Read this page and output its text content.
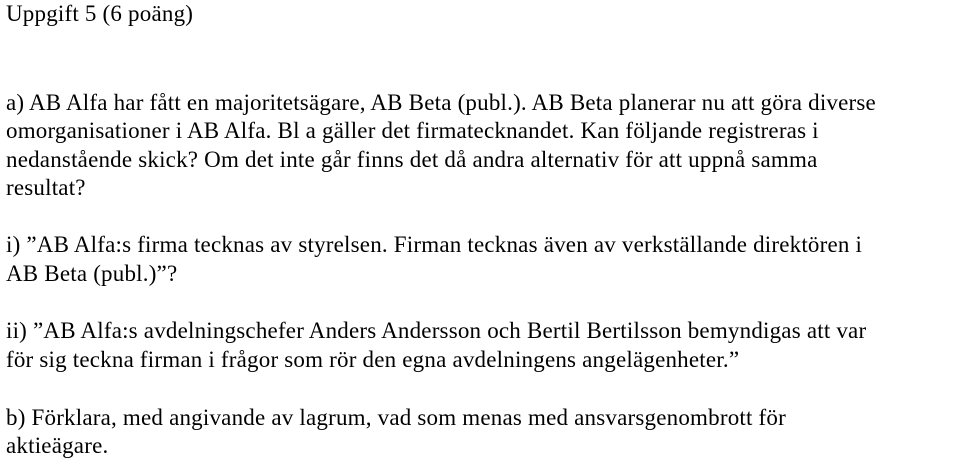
Uppgift 5 (6 poäng)
a) AB Alfa har fått en majoritetsägare, AB Beta (publ.). AB Beta planerar nu att göra diverse
omorganisationer i AB Alfa. Bl a gäller det firmatecknandet. Kan följande registreras i
nedanstående skick? Om det inte går finns det då andra alternativ för att uppnå samma
resultat?
i) ”AB Alfa:s firma tecknas av styrelsen. Firman tecknas även av verkställande direktören i
AB Beta (publ.)”?
ii) ”AB Alfa:s avdelningschefer Anders Andersson och Bertil Bertilsson bemyndigas att var
för sig teckna firman i frågor som rör den egna avdelningens angelägenheter.”
b) Förklara, med angivande av lagrum, vad som menas med ansvarsgenombrott för
aktieägare.
